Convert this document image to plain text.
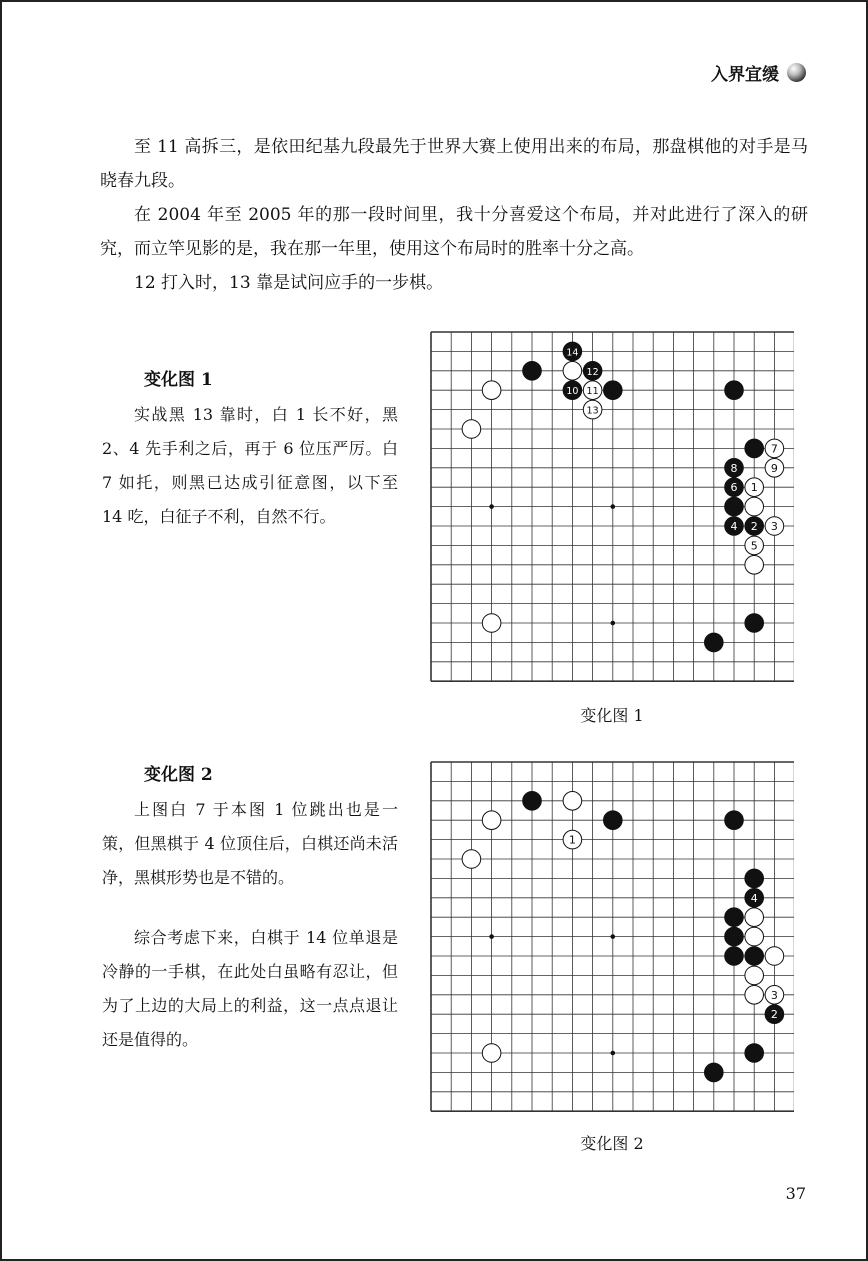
入界宜缓

至 11 高拆三，是依田纪基九段最先于世界大赛上使用出来的布局，那盘棋他的对手是马晓春九段。

在 2004 年至 2005 年的那一段时间里，我十分喜爱这个布局，并对此进行了深入的研究，而立竿见影的是，我在那一年里，使用这个布局时的胜率十分之高。

12 打入时，13 靠是试问应手的一步棋。

变化图 1

实战黑 13 靠时，白 1 长不好，黑 2、4 先手利之后，再于 6 位压严厉。白 7 如托，则黑已达成引征意图，以下至 14 吃，白征子不利，自然不行。

14
12
10 11
13
7
8	9
6 1
4 2 3
5
变化图 1
变化图 2

上图白 7 于本图 1 位跳出也是一策，但黑棋于 4 位顶住后，白棋还尚未活净，黑棋形势也是不错的。

综合考虑下来，白棋于 14 位单退是冷静的一手棋，在此处白虽略有忍让，但为了上边的大局上的利益，这一点点退让还是值得的。

1
4
3
2
变化图 2
37
